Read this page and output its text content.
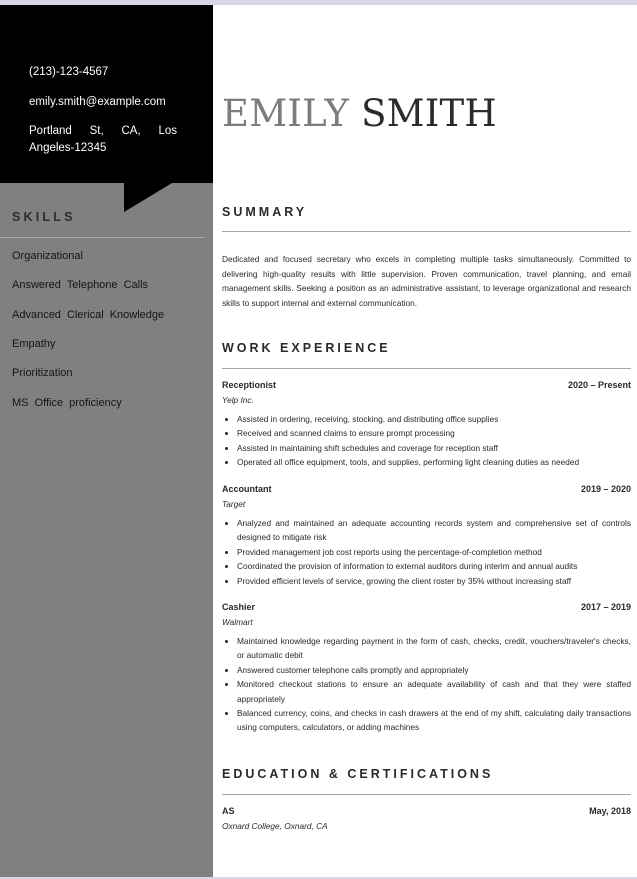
(213)-123-4567
emily.smith@example.com
Portland St, CA, Los Angeles-12345
SKILLS
Organizational
Answered Telephone Calls
Advanced Clerical Knowledge
Empathy
Prioritization
MS Office proficiency
EMILY SMITH
SUMMARY

Dedicated and focused secretary who excels in completing multiple tasks simultaneously. Committed to delivering high-quality results with little supervision. Proven communication, travel planning, and email management skills. Seeking a position as an administrative assistant, to leverage organizational and research skills to support internal and external communication.

WORK EXPERIENCE
Receptionist	2020 – Present
Yelp Inc.
• Assisted in ordering, receiving, stocking, and distributing office supplies
• Received and scanned claims to ensure prompt processing
• Assisted in maintaining shift schedules and coverage for reception staff
• Operated all office equipment, tools, and supplies, performing light cleaning duties as needed
Accountant	2019 – 2020
Target
• Analyzed and maintained an adequate accounting records system and comprehensive set of controls designed to mitigate risk
• Provided management job cost reports using the percentage-of-completion method
• Coordinated the provision of information to external auditors during interim and annual audits
• Provided efficient levels of service, growing the client roster by 35% without increasing staff
Cashier	2017 – 2019
Walmart
• Maintained knowledge regarding payment in the form of cash, checks, credit, vouchers/traveler's checks, or automatic debit
• Answered customer telephone calls promptly and appropriately
• Monitored checkout stations to ensure an adequate availability of cash and that they were staffed appropriately
• Balanced currency, coins, and checks in cash drawers at the end of my shift, calculating daily transactions using computers, calculators, or adding machines
EDUCATION & CERTIFICATIONS
AS	May, 2018
Oxnard College, Oxnard, CA
